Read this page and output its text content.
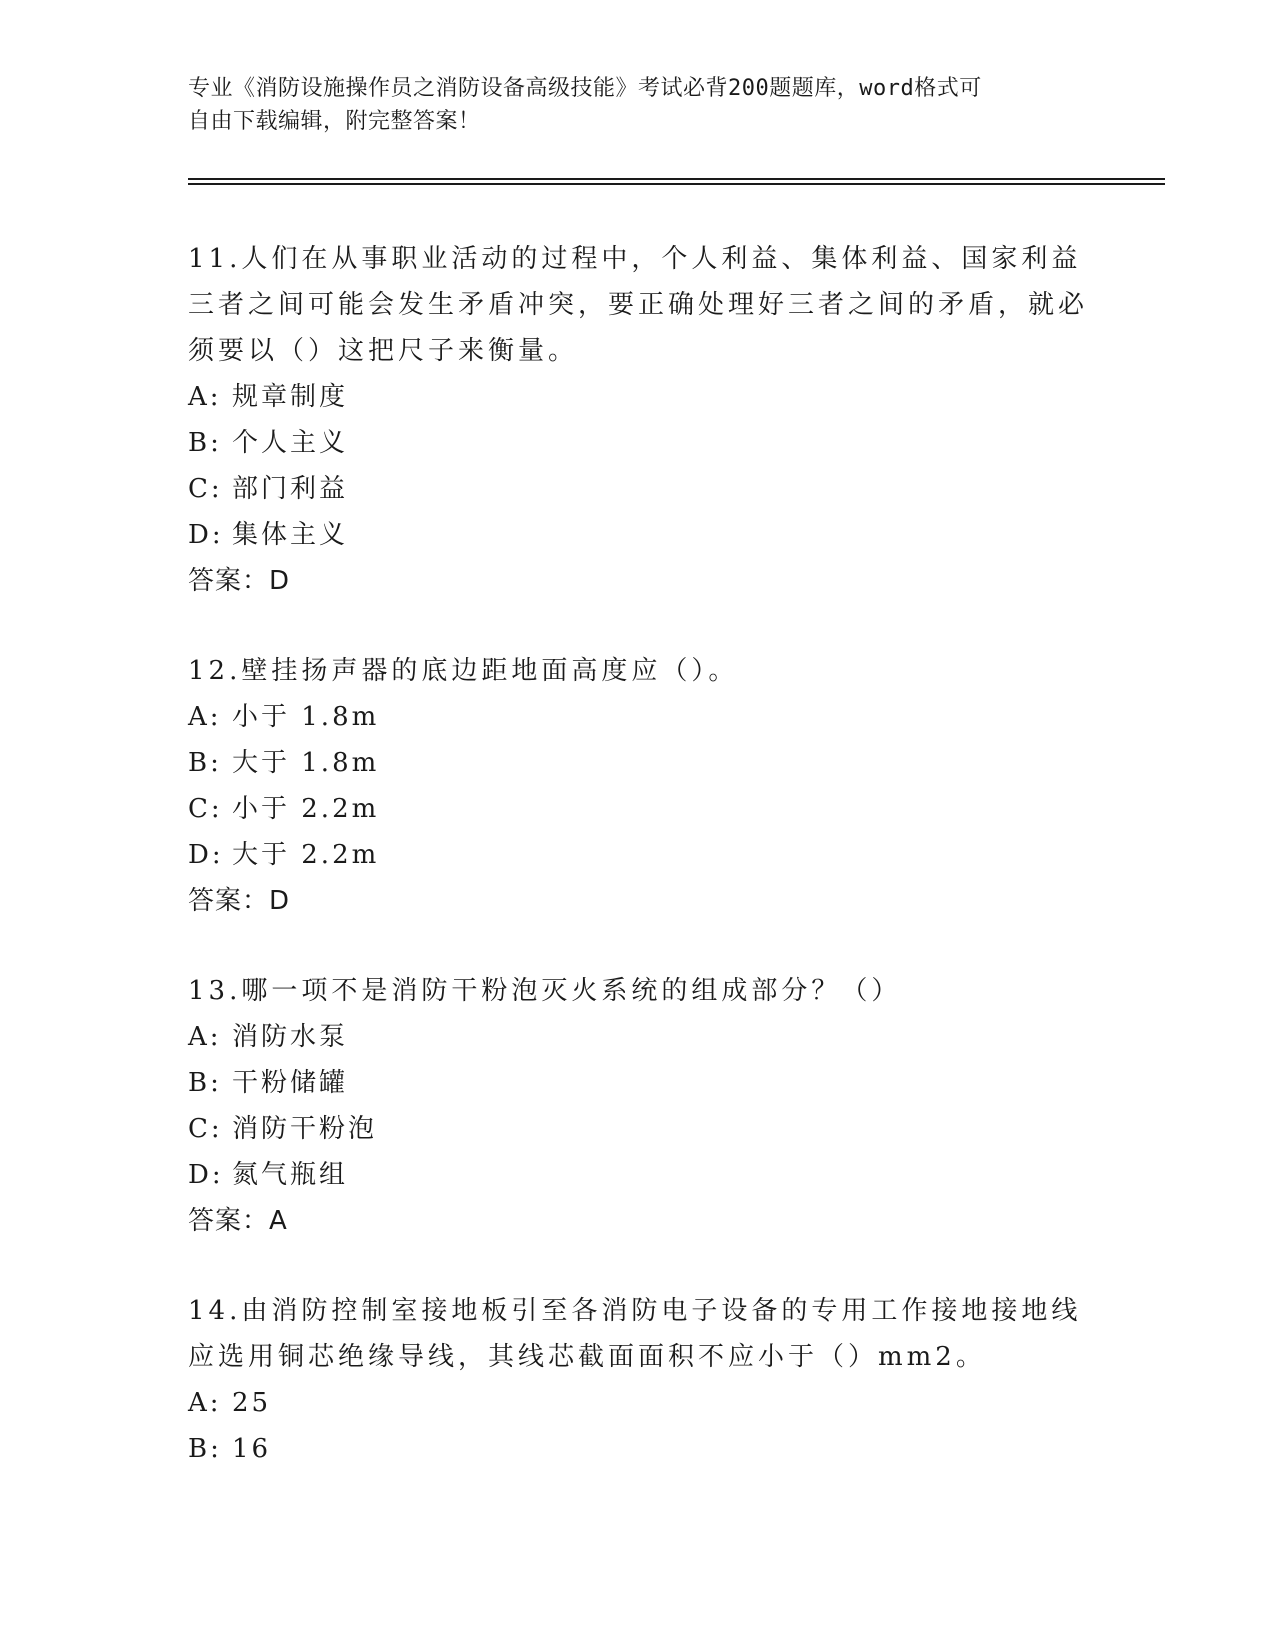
专业《消防设施操作员之消防设备高级技能》考试必背200题题库，word格式可
自由下载编辑，附完整答案！

11.人们在从事职业活动的过程中，个人利益、集体利益、国家利益三者之间可能会发生矛盾冲突，要正确处理好三者之间的矛盾，就必须要以（）这把尺子来衡量。

A: 规章制度

B: 个人主义

C: 部门利益

D: 集体主义

答案：D

12.壁挂扬声器的底边距地面高度应（）。

A: 小于 1.8m

B: 大于 1.8m

C: 小于 2.2m

D: 大于 2.2m

答案：D

13.哪一项不是消防干粉泡灭火系统的组成部分？（）

A: 消防水泵

B: 干粉储罐

C: 消防干粉泡

D: 氮气瓶组

答案：A

14.由消防控制室接地板引至各消防电子设备的专用工作接地接地线应选用铜芯绝缘导线，其线芯截面面积不应小于（）mm2。

A: 25

B: 16
